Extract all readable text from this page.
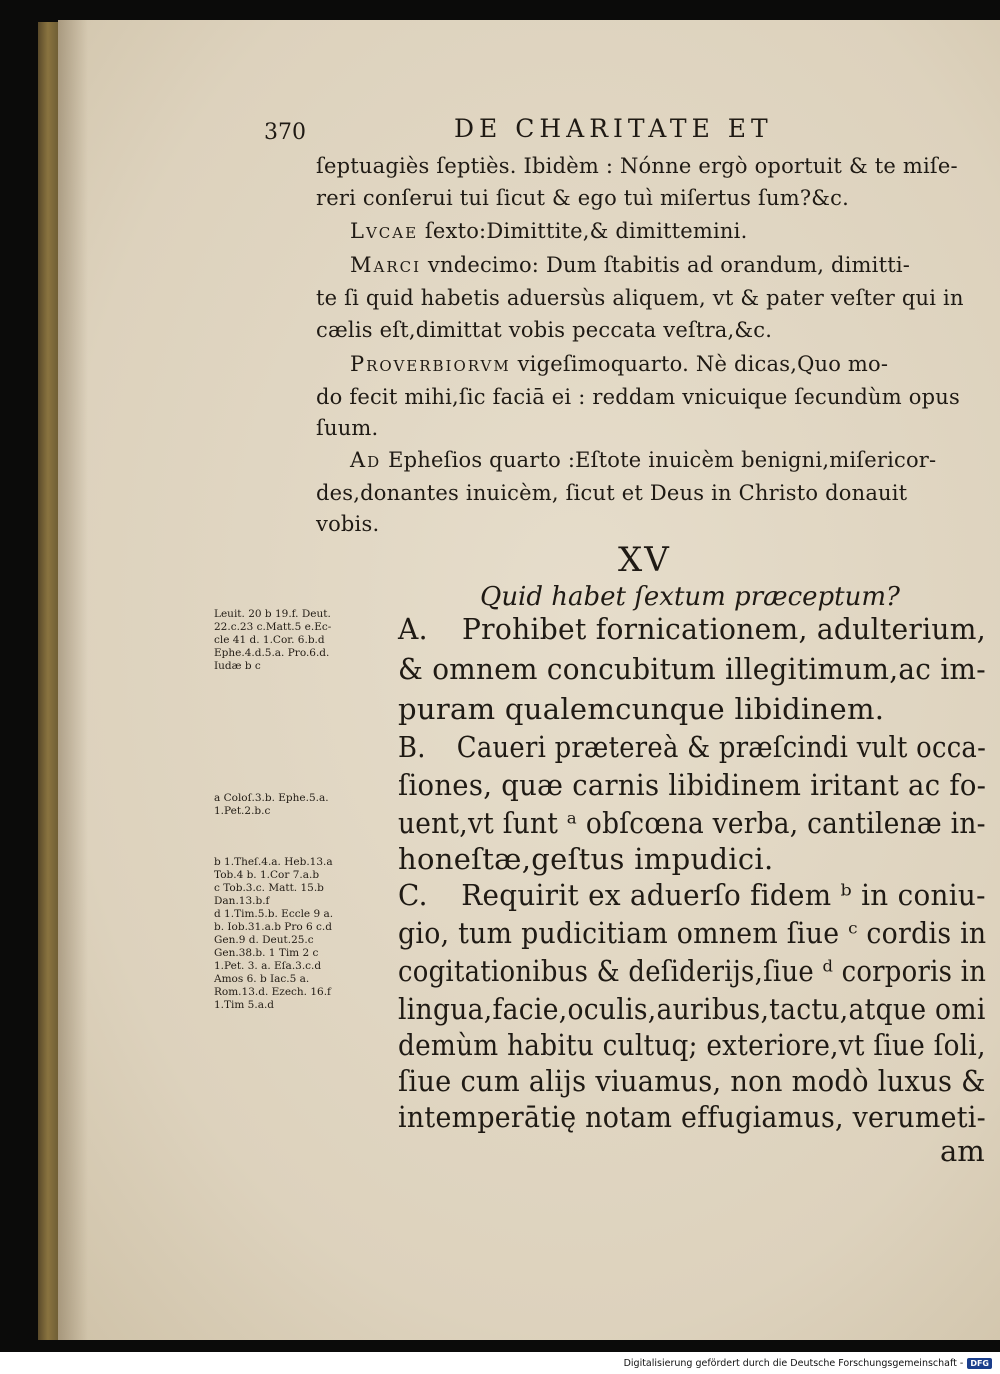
370	DE CHARITATE ET
ſeptuagiès ſeptiès. Ibidèm : Nónne ergò oportuit & te miſe-
reri conſerui tui ſicut & ego tuì miſertus ſum?&c.
Lvcae ſexto:Dimittite,& dimittemini.
Marci vndecimo: Dum ſtabitis ad orandum, dimitti-
te ſi quid habetis aduersùs aliquem, vt & pater veſter qui in
cælis eſt,dimittat vobis peccata veſtra,&c.
Proverbiorvm vigeſimoquarto. Nè dicas,Quo mo-
do fecit mihi,ſic faciā ei : reddam vnicuique ſecundùm opus
ſuum.
Ad Epheſios quarto :Eſtote inuicèm benigni,miſericor-
des,donantes inuicèm, ſicut et Deus in Christo donauit
vobis.
XV
Quid habet ſextum præceptum?
A. Prohibet fornicationem, adulterium,
& omnem concubitum illegitimum,ac im-
puram qualemcunque libidinem.
B. Caueri prætereà & præſcindi vult occa-
ſiones, quæ carnis libidinem iritant ac fo-
uent,vt ſunt ᵃ obſcœna verba, cantilenæ in-
honeſtæ,geſtus impudici.
C. Requirit ex aduerſo fidem ᵇ in coniu-
gio, tum pudicitiam omnem ſiue ᶜ cordis in
cogitationibus & deſiderijs,ſiue ᵈ corporis in
lingua,facie,oculis,auribus,tactu,atque omi
demùm habitu cultuq; exteriore,vt ſiue ſoli,
ſiue cum alijs viuamus, non modò luxus &
intemperātię notam effugiamus, verumeti-
am
Leuit. 20 b 19.f. Deut.
22.c.23 c.Matt.5 e.Ec-
cle 41 d. 1.Cor. 6.b.d
Ephe.4.d.5.a. Pro.6.d.
Iudæ b c
a Coloſ.3.b. Ephe.5.a.
1.Pet.2.b.c
b 1.Theſ.4.a. Heb.13.a
Tob.4 b. 1.Cor 7.a.b
c Tob.3.c. Matt. 15.b
Dan.13.b.f
d 1.Tim.5.b. Eccle 9 a.
b. Iob.31.a.b Pro 6 c.d
Gen.9 d. Deut.25.c
Gen.38.b. 1 Tim 2 c
1.Pet. 3. a. Eſa.3.c.d
Amos 6. b Iac.5 a.
Rom.13.d. Ezech. 16.f
1.Tim 5.a.d
Digitalisierung gefördert durch die Deutsche Forschungsgemeinschaft - DFG
